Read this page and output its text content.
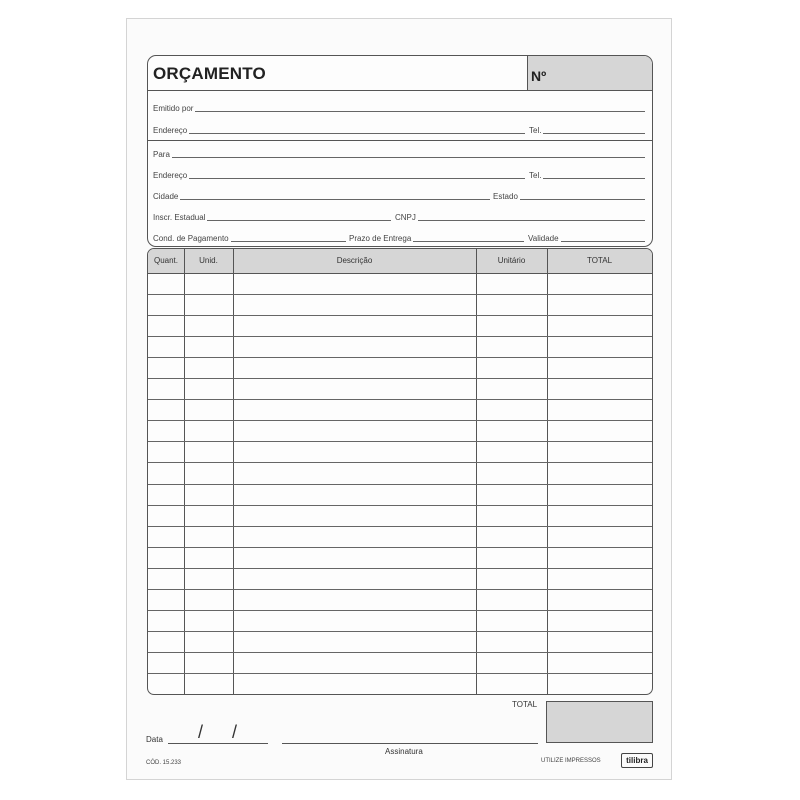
ORÇAMENTO	Nº
Emitido por
Endereço	Tel.
Para
Endereço	Tel.
Cidade	Estado
Inscr. Estadual	CNPJ
Cond. de Pagamento	Prazo de Entrega	Validade
Quant.	Unid.	Descrição	Unitário	TOTAL
TOTAL
Data / /
Assinatura
CÓD. 15.233	UTILIZE IMPRESSOS	tilibra
